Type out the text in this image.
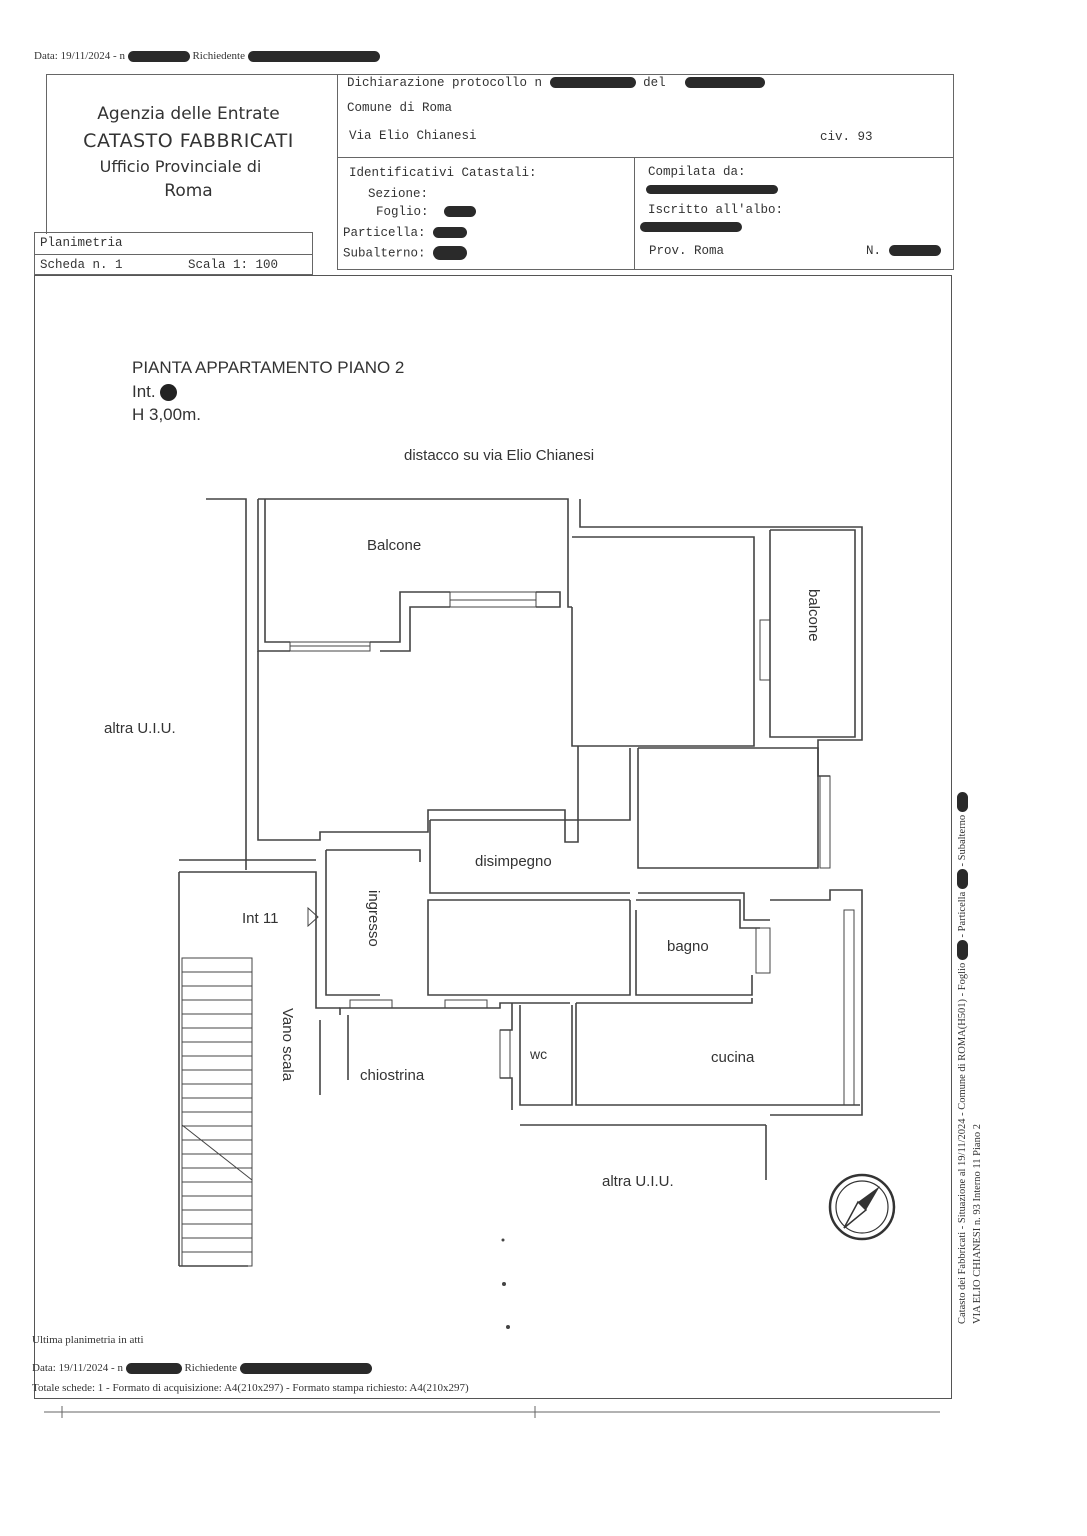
Data: 19/11/2024 - n	Richiedente
Agenzia delle Entrate
CATASTO FABBRICATI
Ufficio Provinciale di
Roma
Dichiarazione protocollo n	del
Comune di Roma
Via Elio Chianesi	civ. 93
Identificativi Catastali:
Sezione:
Foglio:
Particella:
Subalterno:
Compilata da:
Iscritto all'albo:
Prov. Roma	N.
Planimetria
Scheda n. 1	Scala 1: 100
PIANTA APPARTAMENTO PIANO 2
Int.
H 3,00m.
distacco su via Elio Chianesi
Balcone
balcone
altra U.I.U.
disimpegno
ingresso
Int 11
bagno
Vano scala	chiostrina
wc	cucina
altra U.I.U.
Ultima planimetria in atti
Data: 19/11/2024 - n	Richiedente
Totale schede: 1 - Formato di acquisizione: A4(210x297) - Formato stampa richiesto: A4(210x297)
Catasto dei Fabbricati - Situazione al 19/11/2024 - Comune di ROMA(H501) - Foglio  - Particella  - Subalterno
VIA ELIO CHIANESI n. 93 Interno 11 Piano 2
